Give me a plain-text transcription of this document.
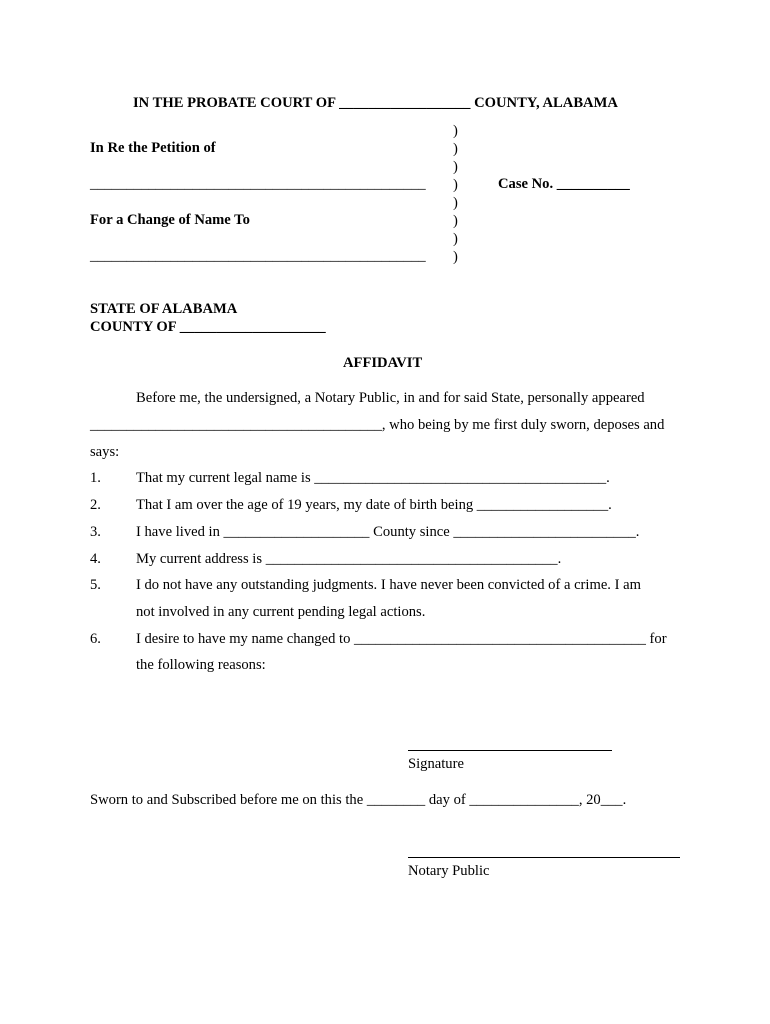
IN THE PROBATE COURT OF __________________ COUNTY, ALABAMA
In Re the Petition of
______________________________________________
For a Change of Name To
______________________________________________
)
)
)
)
)
)
)
)
Case No. __________
STATE OF ALABAMA
COUNTY OF ____________________
AFFIDAVIT
Before me, the undersigned, a Notary Public, in and for said State, personally appeared
________________________________________, who being by me first duly sworn, deposes and
says:
1. That my current legal name is ________________________________________.
2. That I am over the age of 19 years, my date of birth being __________________.
3. I have lived in ____________________ County since _________________________.
4. My current address is ________________________________________.
5. I do not have any outstanding judgments. I have never been convicted of a crime. I am
not involved in any current pending legal actions.
6. I desire to have my name changed to ________________________________________ for
the following reasons:
Signature
Sworn to and Subscribed before me on this the ________ day of _______________, 20___.
Notary Public
